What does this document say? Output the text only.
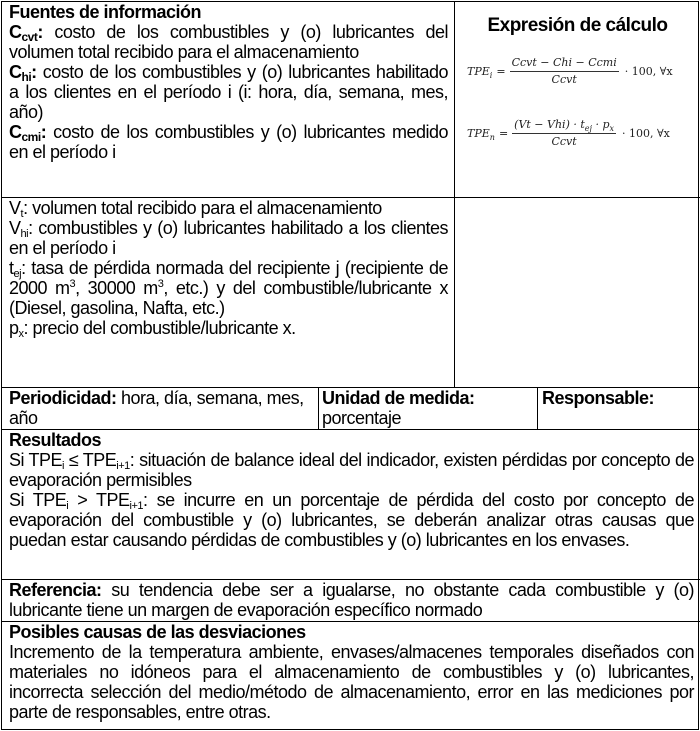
Fuentes de información
Ccvt: costo de los combustibles y (o) lubricantes del volumen total recibido para el almacenamiento
Chi: costo de los combustibles y (o) lubricantes habilitado a los clientes en el período i (i: hora, día, semana, mes, año)
Ccmi: costo de los combustibles y (o) lubricantes medido en el período i
Expresión de cálculo
$TPE_i = \frac{\text{Ccvt − Chi − Ccmi}}{\text{Ccvt}} \cdot 100$, ∀x
$TPE_n = \frac{(Vt - Vhi) \cdot t_{ej} \cdot p_x}{\text{Ccvt}} \cdot 100$, ∀x
$V_t$: volumen total recibido para el almacenamiento
$V_{hi}$: combustibles y (o) lubricantes habilitado a los clientes en el período i
$t_{ej}$: tasa de pérdida normada del recipiente j (recipiente de 2000 $m^3$, 30000 $m^3$, etc.) y del combustible/lubricante x (Diesel, gasolina, Nafta, etc.)
$p_x$: precio del combustible/lubricante x.
Periodicidad: hora, día, semana, mes, año
Unidad de medida:
porcentaje
Responsable:
Resultados
Si $TPE_i \le TPE_{i+1}$: situación de balance ideal del indicador, existen pérdidas por concepto de evaporación permisibles
Si $TPE_i > TPE_{i+1}$: se incurre en un porcentaje de pérdida del costo por concepto de evaporación del combustible y (o) lubricantes, se deberán analizar otras causas que puedan estar causando pérdidas de combustibles y (o) lubricantes en los envases.
Referencia: su tendencia debe ser a igualarse, no obstante cada combustible y (o) lubricante tiene un margen de evaporación específico normado
Posibles causas de las desviaciones
Incremento de la temperatura ambiente, envases/almacenes temporales diseñados con materiales no idóneos para el almacenamiento de combustibles y (o) lubricantes, incorrecta selección del medio/método de almacenamiento, error en las mediciones por parte de responsables, entre otras.
